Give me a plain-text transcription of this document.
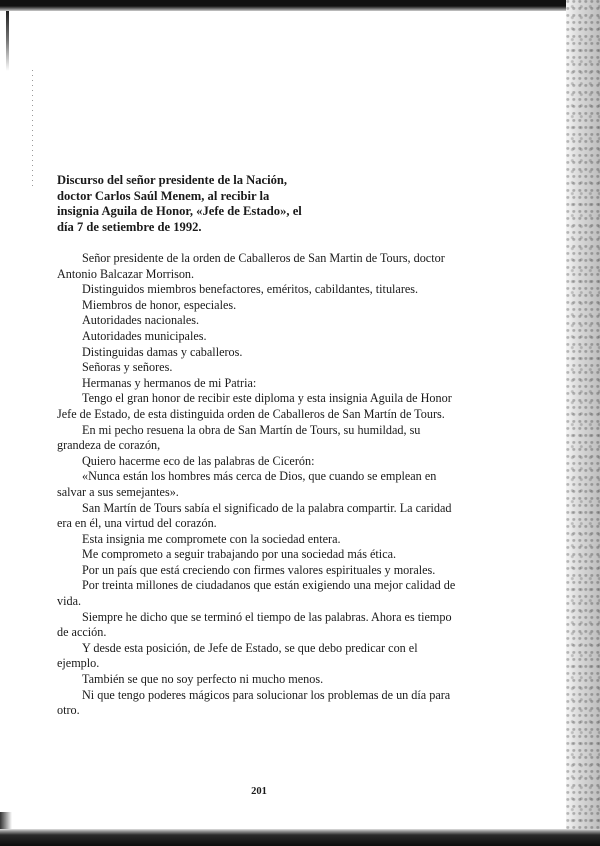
Discurso del señor presidente de la Nación,
doctor Carlos Saúl Menem, al recibir la
insignia Aguila de Honor, «Jefe de Estado», el
día 7 de setiembre de 1992.

Señor presidente de la orden de Caballeros de San Martin de Tours, doctor Antonio Balcazar Morrison.

Distinguidos miembros benefactores, eméritos, cabildantes, titulares.

Miembros de honor, especiales.

Autoridades nacionales.

Autoridades municipales.

Distinguidas damas y caballeros.

Señoras y señores.

Hermanas y hermanos de mi Patria:

Tengo el gran honor de recibir este diploma y esta insignia Aguila de Honor Jefe de Estado, de esta distinguida orden de Caballeros de San Martín de Tours.

En mi pecho resuena la obra de San Martín de Tours, su humildad, su grandeza de corazón,

Quiero hacerme eco de las palabras de Cicerón:

«Nunca están los hombres más cerca de Dios, que cuando se emplean en salvar a sus semejantes».

San Martín de Tours sabía el significado de la palabra compartir. La caridad era en él, una virtud del corazón.

Esta insignia me compromete con la sociedad entera.

Me comprometo a seguir trabajando por una sociedad más ética.

Por un país que está creciendo con firmes valores espirituales y morales.

Por treinta millones de ciudadanos que están exigiendo una mejor calidad de vida.

Siempre he dicho que se terminó el tiempo de las palabras. Ahora es tiempo de acción.

Y desde esta posición, de Jefe de Estado, se que debo predicar con el ejemplo.

También se que no soy perfecto ni mucho menos.

Ni que tengo poderes mágicos para solucionar los problemas de un día para otro.

201
